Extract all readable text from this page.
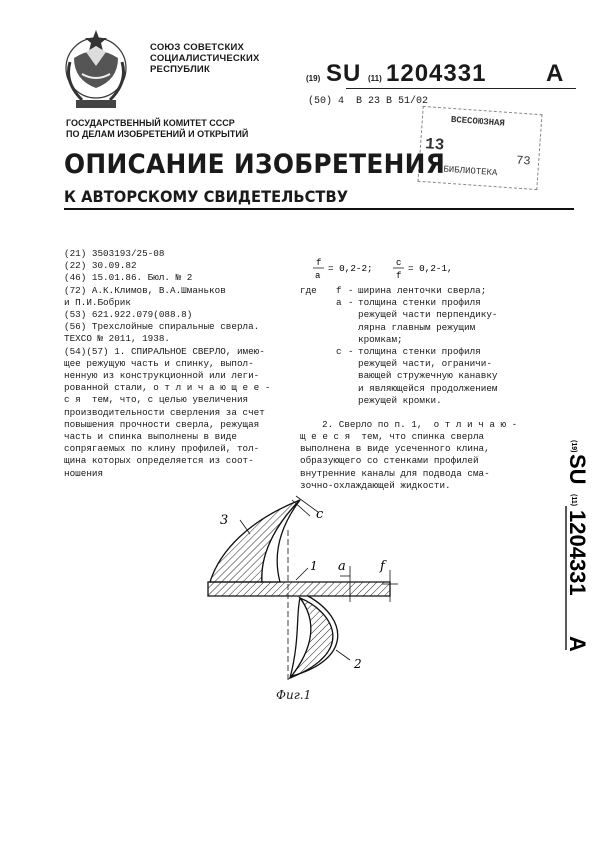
СОЮЗ СОВЕТСКИХ
СОЦИАЛИСТИЧЕСКИХ
РЕСПУБЛИК
(19) SU (11) 1204331 A
(50) 4 В 23 В 51/02
ВСЕСОЮЗНАЯ
13
73
БИБЛИОТЕКА
ГОСУДАРСТВЕННЫЙ КОМИТЕТ СССР
ПО ДЕЛАМ ИЗОБРЕТЕНИЙ И ОТКРЫТИЙ
ОПИСАНИЕ ИЗОБРЕТЕНИЯ
К АВТОРСКОМУ СВИДЕТЕЛЬСТВУ

(21) 3503193/25-08

(22) 30.09.82

(46) 15.01.86. Бюл. № 2

(72) А.К.Климов, В.А.Шманьков

и П.И.Бобрик

(53) 621.922.079(088.8)

(56) Трехслойные спиральные сверла.

ТЕХСО № 2011, 1938.

(54)(57) 1. СПИРАЛЬНОЕ СВЕРЛО, имею-

щее режущую часть и спинку, выпол-

ненную из конструкционной или леги-

рованной стали, о т л и ч а ю щ е е -

с я  тем, что, с целью увеличения

производительности сверления за счет

повышения прочности сверла, режущая

часть и спинка выполнены в виде

сопрягаемых по клину профилей, тол-

щина которых определяется из соот-

ношения

f
a
= 0,2-2;	c
f
= 0,2-1,
где f - ширина ленточки сверла;
a - толщина стенки профиля
режущей части перпендику-
лярна главным режущим
кромкам;
c - толщина стенки профиля
режущей части, ограничи-
вающей стружечную канавку
и являющейся продолжением
режущей кромки.
2. Сверло по п. 1,  о т л и ч а ю -
щ е е с я  тем, что спинка сверла
выполнена в виде усеченного клина,
образующего со стенками профилей
внутренние каналы для подвода сма-
зочно-охлаждающей жидкости.
(19)
SU
(11)
1204331
A
3	c
1 a	f
2
Фиг.1
